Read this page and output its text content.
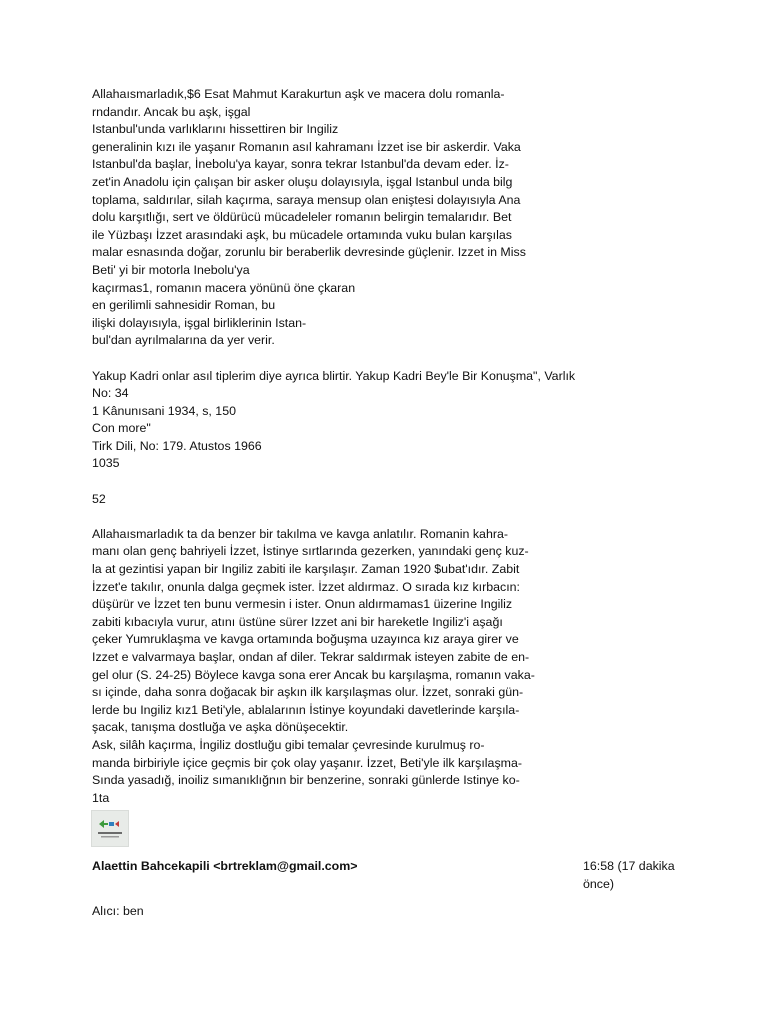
Allahaısmarladık,$6 Esat Mahmut Karakurtun aşk ve macera dolu romanla-
rndandır. Ancak bu aşk, işgal
Istanbul'unda varlıklarını hissettiren bir Ingiliz
generalinin kızı ile yaşanır Romanın asıl kahramanı İzzet ise bir askerdir. Vaka
Istanbul'da başlar, İnebolu'ya kayar, sonra tekrar Istanbul'da devam eder. İz-
zet'in Anadolu için çalışan bir asker oluşu dolayısıyla, işgal Istanbul unda bilg
toplama, saldırılar, silah kaçırma, saraya mensup olan eniştesi dolayısıyla Ana
dolu karşıtlığı, sert ve öldürücü mücadeleler romanın belirgin temalarıdır. Bet
ile Yüzbaşı İzzet arasındaki aşk, bu mücadele ortamında vuku bulan karşılas
malar esnasında doğar, zorunlu bir beraberlik devresinde güçlenir. Izzet in Miss
Beti' yi bir motorla Inebolu'ya
kaçırmas1, romanın macera yönünü öne çkaran
en gerilimli sahnesidir Roman, bu
ilişki dolayısıyla, işgal birliklerinin Istan-
bul'dan ayrılmalarına da yer verir.
Yakup Kadri onlar asıl tiplerim diye ayrıca blirtir. Yakup Kadri Bey'le Bir Konuşma", Varlık
No: 34
1 Kânunısani 1934, s, 150
Con more"
Tirk Dili, No: 179. Atustos 1966
1035
52
Allahaısmarladık ta da benzer bir takılma ve kavga anlatılır. Romanin kahra-
manı olan genç bahriyeli İzzet, İstinye sırtlarında gezerken, yanındaki genç kuz-
la at gezintisi yapan bir Ingiliz zabiti ile karşılaşır. Zaman 1920 $ubat'ıdır. Zabit
İzzet'e takılır, onunla dalga geçmek ister. İzzet aldırmaz. O sırada kız kırbacın:
düşürür ve İzzet ten bunu vermesin i ister. Onun aldırmamas1 üizerine Ingiliz
zabiti kıbacıyla vurur, atını üstüne sürer Izzet ani bir hareketle Ingiliz'i aşağı
çeker Yumruklaşma ve kavga ortamında boğuşma uzayınca kız araya girer ve
Izzet e valvarmaya başlar, ondan af diler. Tekrar saldırmak isteyen zabite de en-
gel olur (S. 24-25) Böylece kavga sona erer Ancak bu karşılaşma, romanın vaka-
sı içinde, daha sonra doğacak bir aşkın ilk karşılaşmas olur. İzzet, sonraki gün-
lerde bu Ingiliz kız1 Beti'yle, ablalarının İstinye koyundaki davetlerinde karşıla-
şacak, tanışma dostluğa ve aşka dönüşecektir.
Ask, silâh kaçırma, İngiliz dostluğu gibi temalar çevresinde kurulmuş ro-
manda birbiriyle içice geçmis bir çok olay yaşanır. İzzet, Beti'yle ilk karşılaşma-
Sında yasadığ, inoiliz sımanıklığnın bir benzerine, sonraki günlerde Istinye ko-
1ta
Alaettin Bahcekapili <brtreklam@gmail.com>	16:58 (17 dakika önce)
Alıcı: ben
